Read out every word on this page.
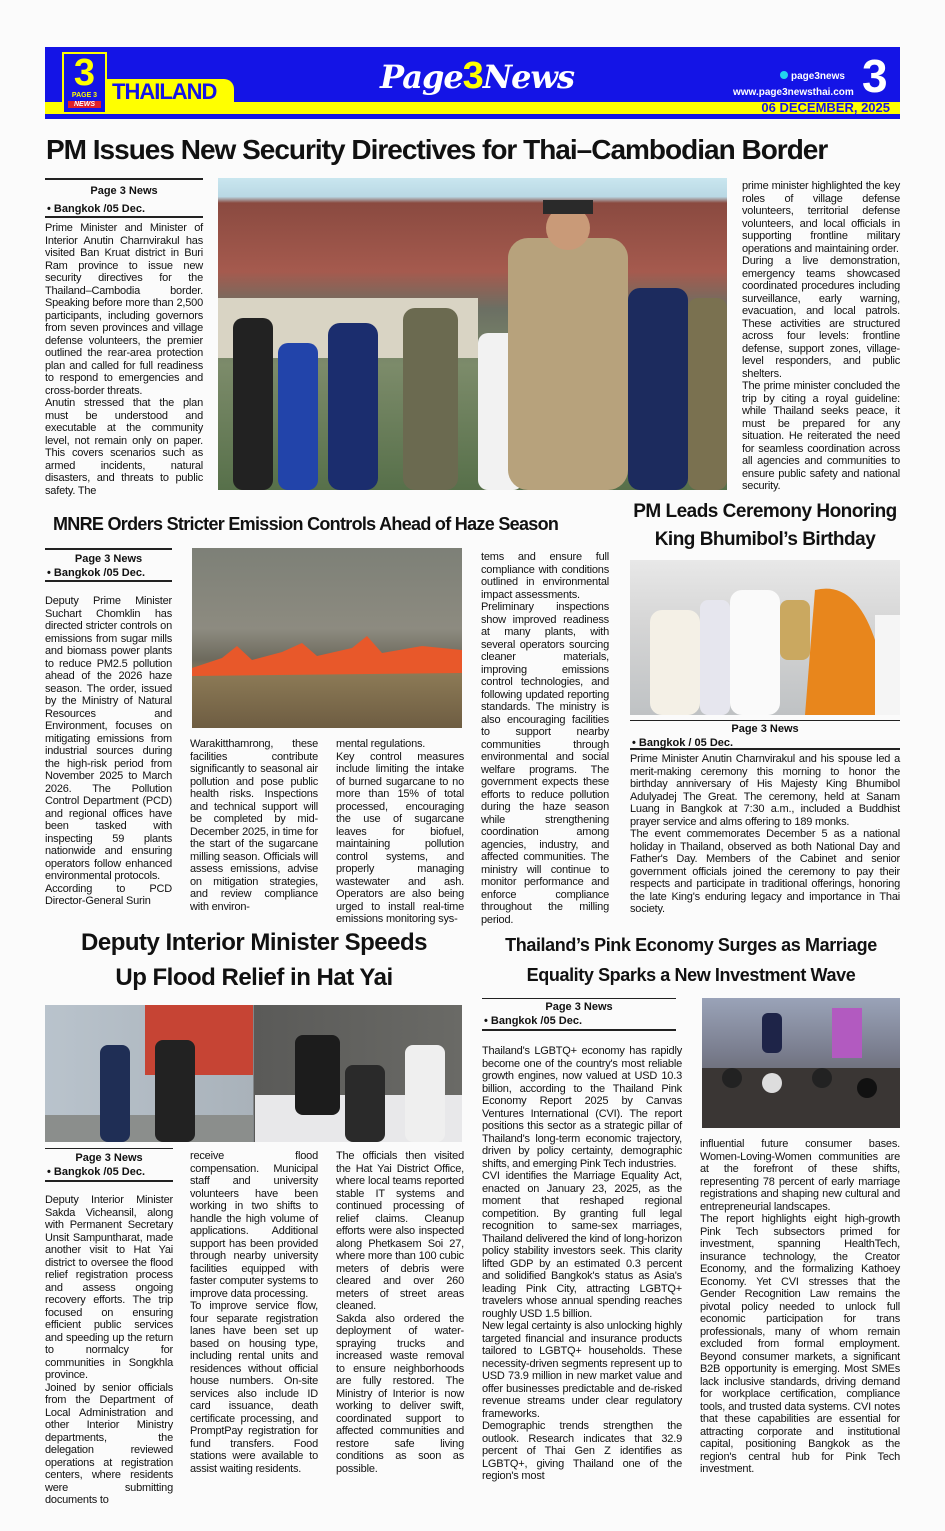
THAILAND
3
PAGE 3
NEWS
Page3News	page3news
www.page3newsthai.com 3
06 DECEMBER, 2025
PM Issues New Security Directives for Thai–Cambodian Border
Page 3 News
• Bangkok /05 Dec.

Prime Minister and Minister of Interior Anutin Charnvirakul has visited Ban Kruat district in Buri Ram province to issue new security directives for the Thailand–Cambodia border. Speaking before more than 2,500 participants, including governors from seven provinces and village defense volunteers, the premier outlined the rear-area protection plan and called for full readiness to respond to emergencies and cross-border threats.

Anutin stressed that the plan must be understood and executable at the community level, not remain only on paper. This covers scenarios such as armed incidents, natural disasters, and threats to public safety. The

prime minister highlighted the key roles of village defense volunteers, territorial defense volunteers, and local officials in supporting frontline military operations and maintaining order.

During a live demonstration, emergency teams showcased coordinated procedures including surveillance, early warning, evacuation, and local patrols. These activities are structured across four levels: frontline defense, support zones, village-level responders, and public shelters.

The prime minister concluded the trip by citing a royal guideline: while Thailand seeks peace, it must be prepared for any situation. He reiterated the need for seamless coordination across all agencies and communities to ensure public safety and national security.

MNRE Orders Stricter Emission Controls Ahead of Haze Season
Page 3 News
• Bangkok /05 Dec.

Deputy Prime Minister Suchart Chomklin has directed stricter controls on emissions from sugar mills and biomass power plants to reduce PM2.5 pollution ahead of the 2026 haze season. The order, issued by the Ministry of Natural Resources and Environment, focuses on mitigating emissions from industrial sources during the high-risk period from November 2025 to March 2026. The Pollution Control Department (PCD) and regional offices have been tasked with inspecting 59 plants nationwide and ensuring operators follow enhanced environmental protocols.

According to PCD Director-General Surin

Warakitthamrong, these facilities contribute significantly to seasonal air pollution and pose public health risks. Inspections and technical support will be completed by mid-December 2025, in time for the start of the sugarcane milling season. Officials will assess emissions, advise on mitigation strategies, and review compliance with environ-

mental regulations.

Key control measures include limiting the intake of burned sugarcane to no more than 15% of total processed, encouraging the use of sugarcane leaves for biofuel, maintaining pollution control systems, and properly managing wastewater and ash. Operators are also being urged to install real-time emissions monitoring sys-

tems and ensure full compliance with conditions outlined in environmental impact assessments.

Preliminary inspections show improved readiness at many plants, with several operators sourcing cleaner materials, improving emissions control technologies, and following updated reporting standards. The ministry is also encouraging facilities to support nearby communities through environmental and social welfare programs. The government expects these efforts to reduce pollution during the haze season while strengthening coordination among agencies, industry, and affected communities. The ministry will continue to monitor performance and enforce compliance throughout the milling period.

PM Leads Ceremony Honoring
King Bhumibol’s Birthday
Page 3 News
• Bangkok / 05 Dec.

Prime Minister Anutin Charnvirakul and his spouse led a merit-making ceremony this morning to honor the birthday anniversary of His Majesty King Bhumibol Adulyadej The Great. The ceremony, held at Sanam Luang in Bangkok at 7:30 a.m., included a Buddhist prayer service and alms offering to 189 monks.

The event commemorates December 5 as a national holiday in Thailand, observed as both National Day and Father's Day. Members of the Cabinet and senior government officials joined the ceremony to pay their respects and participate in traditional offerings, honoring the late King's enduring legacy and importance in Thai society.

Deputy Interior Minister Speeds
Up Flood Relief in Hat Yai
Page 3 News
• Bangkok /05 Dec.

Deputy Interior Minister Sakda Vicheansil, along with Permanent Secretary Unsit Sampuntharat, made another visit to Hat Yai district to oversee the flood relief registration process and assess ongoing recovery efforts. The trip focused on ensuring efficient public services and speeding up the return to normalcy for communities in Songkhla province.

Joined by senior officials from the Department of Local Administration and other Interior Ministry departments, the delegation reviewed operations at registration centers, where residents were submitting documents to

receive flood compensation. Municipal staff and university volunteers have been working in two shifts to handle the high volume of applications. Additional support has been provided through nearby university facilities equipped with faster computer systems to improve data processing.

To improve service flow, four separate registration lanes have been set up based on housing type, including rental units and residences without official house numbers. On-site services also include ID card issuance, death certificate processing, and PromptPay registration for fund transfers. Food stations were available to assist waiting residents.

The officials then visited the Hat Yai District Office, where local teams reported stable IT systems and continued processing of relief claims. Cleanup efforts were also inspected along Phetkasem Soi 27, where more than 100 cubic meters of debris were cleared and over 260 meters of street areas cleaned.

Sakda also ordered the deployment of water-spraying trucks and increased waste removal to ensure neighborhoods are fully restored. The Ministry of Interior is now working to deliver swift, coordinated support to affected communities and restore safe living conditions as soon as possible.

Thailand’s Pink Economy Surges as Marriage
Equality Sparks a New Investment Wave
Page 3 News
• Bangkok /05 Dec.

Thailand's LGBTQ+ economy has rapidly become one of the country's most reliable growth engines, now valued at USD 10.3 billion, according to the Thailand Pink Economy Report 2025 by Canvas Ventures International (CVI). The report positions this sector as a strategic pillar of Thailand's long-term economic trajectory, driven by policy certainty, demographic shifts, and emerging Pink Tech industries.

CVI identifies the Marriage Equality Act, enacted on January 23, 2025, as the moment that reshaped regional competition. By granting full legal recognition to same-sex marriages, Thailand delivered the kind of long-horizon policy stability investors seek. This clarity lifted GDP by an estimated 0.3 percent and solidified Bangkok's status as Asia's leading Pink City, attracting LGBTQ+ travelers whose annual spending reaches roughly USD 1.5 billion.

New legal certainty is also unlocking highly targeted financial and insurance products tailored to LGBTQ+ households. These necessity-driven segments represent up to USD 73.9 million in new market value and offer businesses predictable and de-risked revenue streams under clear regulatory frameworks.

Demographic trends strengthen the outlook. Research indicates that 32.9 percent of Thai Gen Z identifies as LGBTQ+, giving Thailand one of the region's most

influential future consumer bases. Women-Loving-Women communities are at the forefront of these shifts, representing 78 percent of early marriage registrations and shaping new cultural and entrepreneurial landscapes.

The report highlights eight high-growth Pink Tech subsectors primed for investment, spanning HealthTech, insurance technology, the Creator Economy, and the formalizing Kathoey Economy. Yet CVI stresses that the Gender Recognition Law remains the pivotal policy needed to unlock full economic participation for trans professionals, many of whom remain excluded from formal employment. Beyond consumer markets, a significant B2B opportunity is emerging. Most SMEs lack inclusive standards, driving demand for workplace certification, compliance tools, and trusted data systems. CVI notes that these capabilities are essential for attracting corporate and institutional capital, positioning Bangkok as the region's central hub for Pink Tech investment.
